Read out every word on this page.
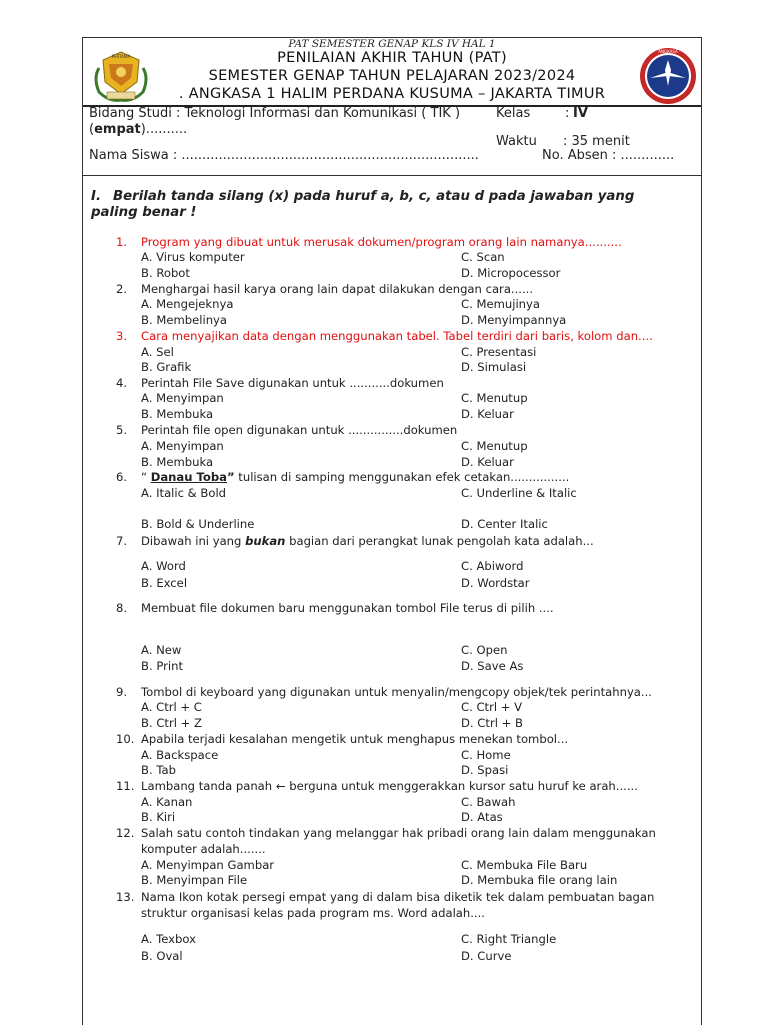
PAT SEMESTER GENAP KLS IV HAL 1
PERTAMA
ANGKASA
PENILAIAN AKHIR TAHUN (PAT)
SEMESTER GENAP TAHUN PELAJARAN 2023/2024
. ANGKASA 1 HALIM PERDANA KUSUMA – JAKARTA TIMUR
Bidang Studi : Teknologi Informasi dan Komunikasi ( TIK )	Kelas	: IV
(empat)..........
Waktu : 35 menit
Nama Siswa : ........................................................................	No. Absen : .............
I. Berilah tanda silang (x) pada huruf a, b, c, atau d pada jawaban yang paling benar !
1. Program yang dibuat untuk merusak dokumen/program orang lain namanya..........
A. Virus komputer	C. Scan
B. Robot	D. Micropocessor
2. Menghargai hasil karya orang lain dapat dilakukan dengan cara......
A. Mengejeknya	C. Memujinya
B. Membelinya	D. Menyimpannya
3. Cara menyajikan data dengan menggunakan tabel. Tabel terdiri dari baris, kolom dan....
A. Sel	C. Presentasi
B. Grafik	D. Simulasi
4. Perintah File Save digunakan untuk ...........dokumen
A. Menyimpan	C. Menutup
B. Membuka	D. Keluar
5. Perintah file open digunakan untuk ...............dokumen
A. Menyimpan	C. Menutup
B. Membuka	D. Keluar
6. “ Danau Toba” tulisan di samping menggunakan efek cetakan................
A. Italic & Bold	C. Underline & Italic
B. Bold & Underline	D. Center Italic
7. Dibawah ini yang bukan bagian dari perangkat lunak pengolah kata adalah...
A. Word	C. Abiword
B. Excel	D. Wordstar
8. Membuat file dokumen baru menggunakan tombol File terus di pilih ....
A. New	C. Open
B. Print	D. Save As
9. Tombol di keyboard yang digunakan untuk menyalin/mengcopy objek/tek perintahnya...
A. Ctrl + C	C. Ctrl + V
B. Ctrl + Z	D. Ctrl + B
10. Apabila terjadi kesalahan mengetik untuk menghapus menekan tombol...
A. Backspace	C. Home
B. Tab	D. Spasi
11. Lambang tanda panah ← berguna untuk menggerakkan kursor satu huruf ke arah......
A. Kanan	C. Bawah
B. Kiri	D. Atas
12. Salah satu contoh tindakan yang melanggar hak pribadi orang lain dalam menggunakan
komputer adalah.......
A. Menyimpan Gambar	C. Membuka File Baru
B. Menyimpan File	D. Membuka file orang lain
13. Nama Ikon kotak persegi empat yang di dalam bisa diketik tek dalam pembuatan bagan
struktur organisasi kelas pada program ms. Word adalah....
A. Texbox	C. Right Triangle
B. Oval	D. Curve
